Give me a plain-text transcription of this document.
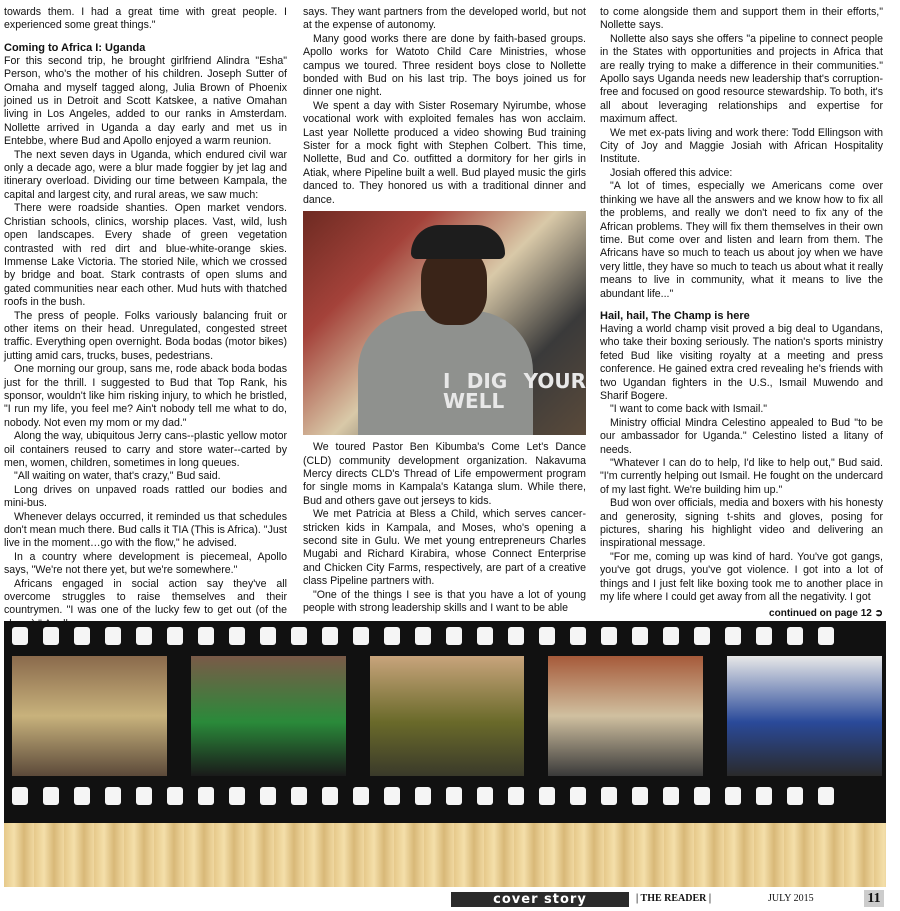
towards them. I had a great time with great people. I experienced some great things."

Coming to Africa I: Uganda

For this second trip, he brought girlfriend Alindra "Esha" Person, who's the mother of his children. Joseph Sutter of Omaha and myself tagged along, Julia Brown of Phoenix joined us in Detroit and Scott Katskee, a native Omahan living in Los Angeles, added to our ranks in Amsterdam. Nollette arrived in Uganda a day early and met us in Entebbe, where Bud and Apollo enjoyed a warm reunion.

The next seven days in Uganda, which endured civil war only a decade ago, were a blur made foggier by jet lag and itinerary overload. Dividing our time between Kampala, the capital and largest city, and rural areas, we saw much:

There were roadside shanties. Open market vendors. Christian schools, clinics, worship places. Vast, wild, lush open landscapes. Every shade of green vegetation contrasted with red dirt and blue-white-orange skies. Immense Lake Victoria. The storied Nile, which we crossed by bridge and boat. Stark contrasts of open slums and gated communities near each other. Mud huts with thatched roofs in the bush.

The press of people. Folks variously balancing fruit or other items on their head. Unregulated, congested street traffic. Everything open overnight. Boda bodas (motor bikes) jutting amid cars, trucks, buses, pedestrians.

One morning our group, sans me, rode aback boda bodas just for the thrill. I suggested to Bud that Top Rank, his sponsor, wouldn't like him risking injury, to which he bristled, "I run my life, you feel me? Ain't nobody tell me what to do, nobody. Not even my mom or my dad."

Along the way, ubiquitous Jerry cans--plastic yellow motor oil containers reused to carry and store water--carted by men, women, children, sometimes in long queues.

"All waiting on water, that's crazy," Bud said.

Long drives on unpaved roads rattled our bodies and mini-bus.

Whenever delays occurred, it reminded us that schedules don't mean much there. Bud calls it TIA (This is Africa). "Just live in the moment…go with the flow," he advised.

In a country where development is piecemeal, Apollo says, "We're not there yet, but we're somewhere."

Africans engaged in social action say they've all overcome struggles to raise themselves and their countrymen. "I was one of the lucky few to get out (of the

says. They want partners from the developed world, but not at the expense of autonomy.

Many good works there are done by faith-based groups. Apollo works for Watoto Child Care Ministries, whose campus we toured. Three resident boys close to Nollette bonded with Bud on his last trip. The boys joined us for dinner one night.

We spent a day with Sister Rosemary Nyirumbe, whose vocational work with exploited females has won acclaim. Last year Nollette produced a video showing Bud training Sister for a mock fight with Stephen Colbert. This time, Nollette, Bud and Co. outfitted a dormitory for her girls in Atiak, where Pipeline built a well. Bud played music the girls danced to. They honored us with a traditional dinner and dance.

I DIG YOUR WELL

We toured Pastor Ben Kibumba's Come Let's Dance (CLD) community development organization. Nakavuma Mercy directs CLD's Thread of Life empowerment program for single moms in Kampala's Katanga slum. While there, Bud and others gave out jerseys to kids.

We met Patricia at Bless a Child, which serves cancer-stricken kids in Kampala, and Moses, who's opening a second site in Gulu. We met young entrepreneurs Charles Mugabi and Richard Kirabira, whose Connect Enterprise and Chicken City Farms, respectively, are part of a creative class Pipeline partners with.

"One of the things I see is that you have a lot of young people with strong leadership skills and I want to be able

to come alongside them and support them in their efforts," Nollette says.

Nollette also says she offers "a pipeline to connect people in the States with opportunities and projects in Africa that are really trying to make a difference in their communities." Apollo says Uganda needs new leadership that's corruption-free and focused on good resource stewardship. To both, it's all about leveraging relationships and expertise for maximum affect.

We met ex-pats living and work there: Todd Ellingson with City of Joy and Maggie Josiah with African Hospitality Institute.

Josiah offered this advice:

"A lot of times, especially we Americans come over thinking we have all the answers and we know how to fix all the problems, and really we don't need to fix any of the African problems. They will fix them themselves in their own time. But come over and listen and learn from them. The Africans have so much to teach us about joy when we have very little, they have so much to teach us about what it really means to live in community, what it means to live the abundant life..."

Hail, hail, The Champ is here

Having a world champ visit proved a big deal to Ugandans, who take their boxing seriously. The nation's sports ministry feted Bud like visiting royalty at a meeting and press conference. He gained extra cred revealing he's friends with two Ugandan fighters in the U.S., Ismail Muwendo and Sharif Bogere.

"I want to come back with Ismail."

Ministry official Mindra Celestino appealed to Bud "to be our ambassador for Uganda." Celestino listed a litany of needs.

"Whatever I can do to help, I'd like to help out," Bud said. "I'm currently helping out Ismail. He fought on the undercard of my last fight. We're building him up."

Bud won over officials, media and boxers with his honesty and generosity, signing t-shits and gloves, posing for pictures, sharing his highlight video and delivering an inspirational message.

"For me, coming up was kind of hard. You've got gangs, you've got drugs, you've got violence. I got into a lot of things and I just felt like boxing took me to another place in my life where I could get away from all the negativity. I got

continued on page 12 ➲
cover story	| THE READER |	JULY 2015	11
